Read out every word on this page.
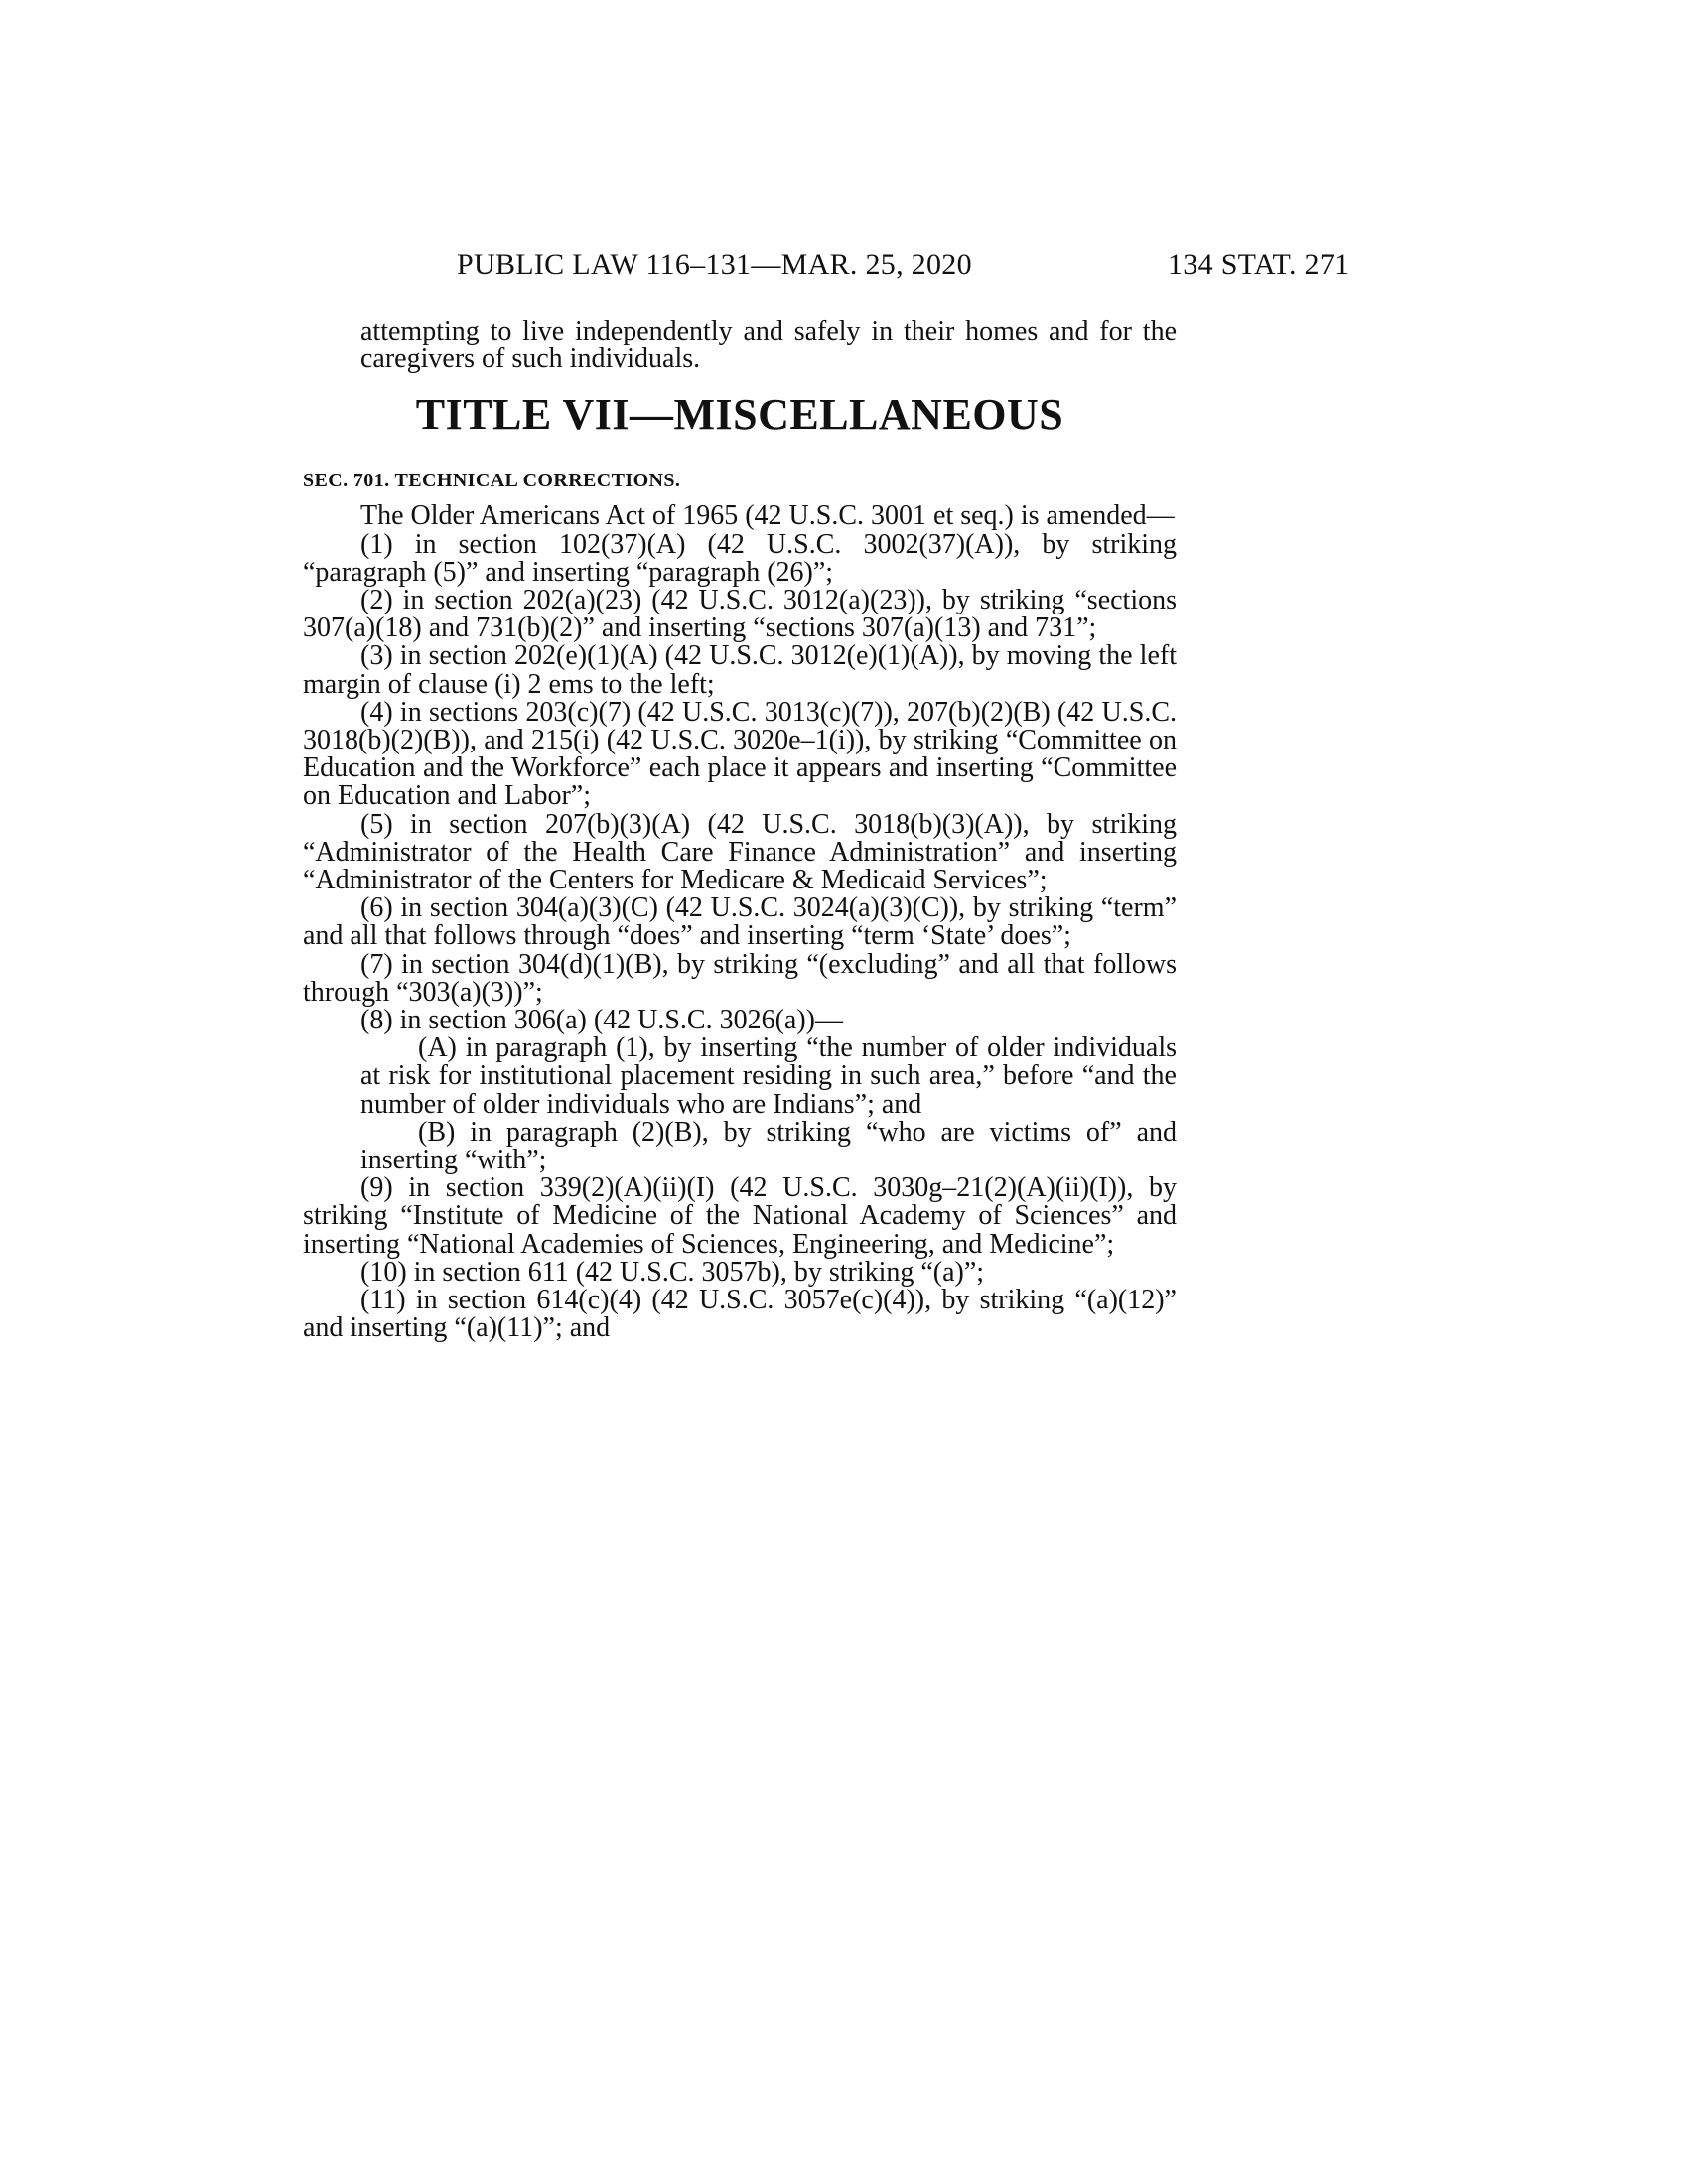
PUBLIC LAW 116–131—MAR. 25, 2020	134 STAT. 271

attempting to live independently and safely in their homes and for the caregivers of such individuals.

TITLE VII—MISCELLANEOUS

SEC. 701. TECHNICAL CORRECTIONS.

The Older Americans Act of 1965 (42 U.S.C. 3001 et seq.) is amended—

(1) in section 102(37)(A) (42 U.S.C. 3002(37)(A)), by striking “paragraph (5)” and inserting “paragraph (26)”;

(2) in section 202(a)(23) (42 U.S.C. 3012(a)(23)), by striking “sections 307(a)(18) and 731(b)(2)” and inserting “sections 307(a)(13) and 731”;

(3) in section 202(e)(1)(A) (42 U.S.C. 3012(e)(1)(A)), by moving the left margin of clause (i) 2 ems to the left;

(4) in sections 203(c)(7) (42 U.S.C. 3013(c)(7)), 207(b)(2)(B) (42 U.S.C. 3018(b)(2)(B)), and 215(i) (42 U.S.C. 3020e–1(i)), by striking “Committee on Education and the Workforce” each place it appears and inserting “Committee on Education and Labor”;

(5) in section 207(b)(3)(A) (42 U.S.C. 3018(b)(3)(A)), by striking “Administrator of the Health Care Finance Administration” and inserting “Administrator of the Centers for Medicare & Medicaid Services”;

(6) in section 304(a)(3)(C) (42 U.S.C. 3024(a)(3)(C)), by striking “term” and all that follows through “does” and inserting “term ‘State’ does”;

(7) in section 304(d)(1)(B), by striking “(excluding” and all that follows through “303(a)(3))”;

(8) in section 306(a) (42 U.S.C. 3026(a))—

(A) in paragraph (1), by inserting “the number of older individuals at risk for institutional placement residing in such area,” before “and the number of older individuals who are Indians”; and

(B) in paragraph (2)(B), by striking “who are victims of” and inserting “with”;

(9) in section 339(2)(A)(ii)(I) (42 U.S.C. 3030g–21(2)(A)(ii)(I)), by striking “Institute of Medicine of the National Academy of Sciences” and inserting “National Academies of Sciences, Engineering, and Medicine”;

(10) in section 611 (42 U.S.C. 3057b), by striking “(a)”;

(11) in section 614(c)(4) (42 U.S.C. 3057e(c)(4)), by striking “(a)(12)” and inserting “(a)(11)”; and
